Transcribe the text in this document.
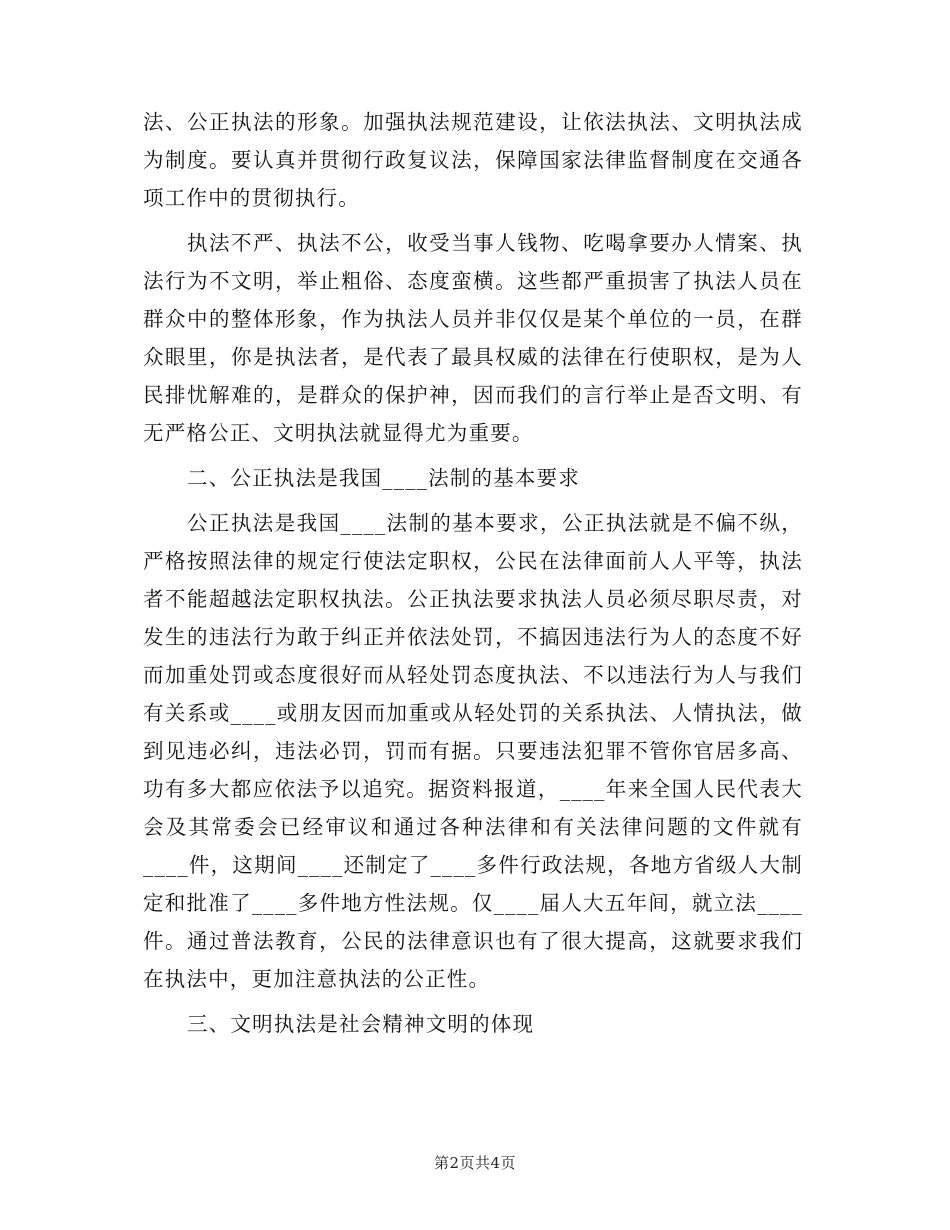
法、公正执法的形象。加强执法规范建设，让依法执法、文明执法成为制度。要认真并贯彻行政复议法，保障国家法律监督制度在交通各项工作中的贯彻执行。

执法不严、执法不公，收受当事人钱物、吃喝拿要办人情案、执法行为不文明，举止粗俗、态度蛮横。这些都严重损害了执法人员在群众中的整体形象，作为执法人员并非仅仅是某个单位的一员，在群众眼里，你是执法者，是代表了最具权威的法律在行使职权，是为人民排忧解难的，是群众的保护神，因而我们的言行举止是否文明、有无严格公正、文明执法就显得尤为重要。

二、公正执法是我国____法制的基本要求

公正执法是我国____法制的基本要求，公正执法就是不偏不纵，严格按照法律的规定行使法定职权，公民在法律面前人人平等，执法者不能超越法定职权执法。公正执法要求执法人员必须尽职尽责，对发生的违法行为敢于纠正并依法处罚，不搞因违法行为人的态度不好而加重处罚或态度很好而从轻处罚态度执法、不以违法行为人与我们有关系或____或朋友因而加重或从轻处罚的关系执法、人情执法，做到见违必纠，违法必罚，罚而有据。只要违法犯罪不管你官居多高、功有多大都应依法予以追究。据资料报道，____年来全国人民代表大会及其常委会已经审议和通过各种法律和有关法律问题的文件就有____件，这期间____还制定了____多件行政法规，各地方省级人大制定和批准了____多件地方性法规。仅____届人大五年间，就立法____件。通过普法教育，公民的法律意识也有了很大提高，这就要求我们在执法中，更加注意执法的公正性。

三、文明执法是社会精神文明的体现

第2页共4页
